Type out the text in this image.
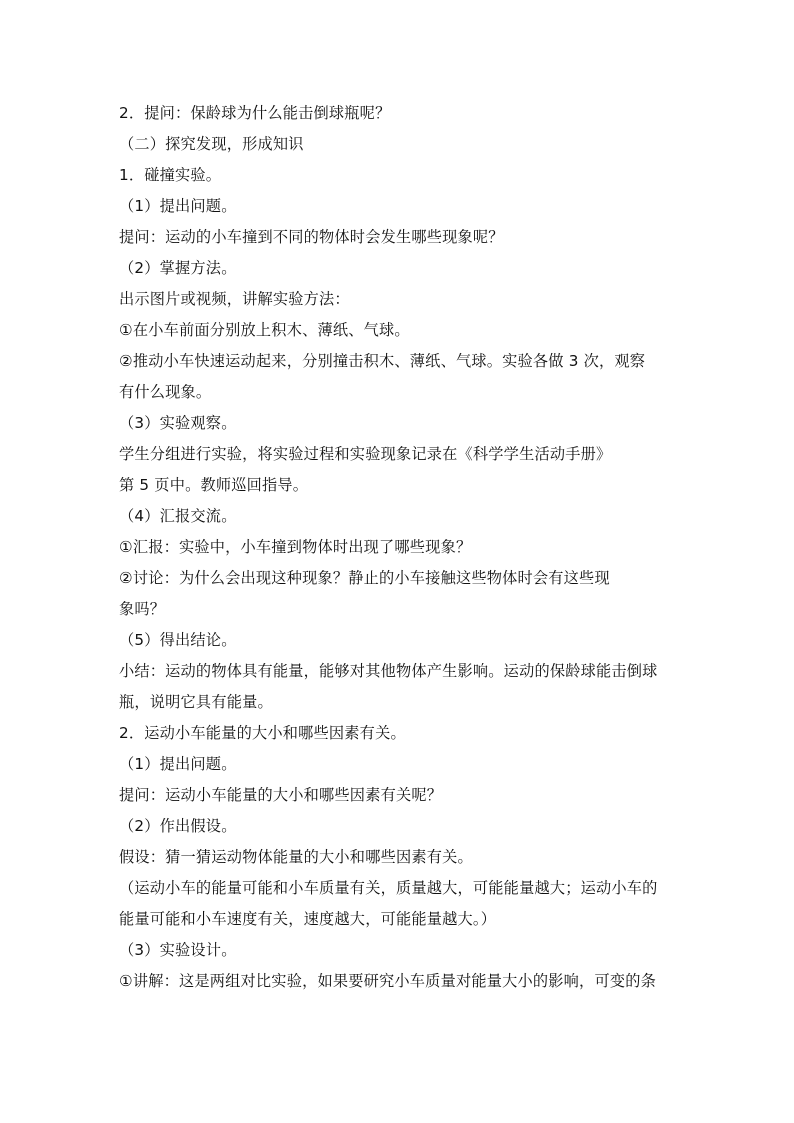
2．提问：保龄球为什么能击倒球瓶呢？
（二）探究发现，形成知识
1．碰撞实验。
（1）提出问题。
提问：运动的小车撞到不同的物体时会发生哪些现象呢？
（2）掌握方法。
出示图片或视频，讲解实验方法：
①在小车前面分别放上积木、薄纸、气球。
②推动小车快速运动起来，分别撞击积木、薄纸、气球。实验各做 3 次，观察
有什么现象。
（3）实验观察。
学生分组进行实验，将实验过程和实验现象记录在《科学学生活动手册》
第 5 页中。教师巡回指导。
（4）汇报交流。
①汇报：实验中，小车撞到物体时出现了哪些现象？
②讨论：为什么会出现这种现象？静止的小车接触这些物体时会有这些现
象吗？
（5）得出结论。
小结：运动的物体具有能量，能够对其他物体产生影响。运动的保龄球能击倒球
瓶，说明它具有能量。
2．运动小车能量的大小和哪些因素有关。
（1）提出问题。
提问：运动小车能量的大小和哪些因素有关呢？
（2）作出假设。
假设：猜一猜运动物体能量的大小和哪些因素有关。
（运动小车的能量可能和小车质量有关，质量越大，可能能量越大；运动小车的
能量可能和小车速度有关，速度越大，可能能量越大。）
（3）实验设计。
①讲解：这是两组对比实验，如果要研究小车质量对能量大小的影响，可变的条
